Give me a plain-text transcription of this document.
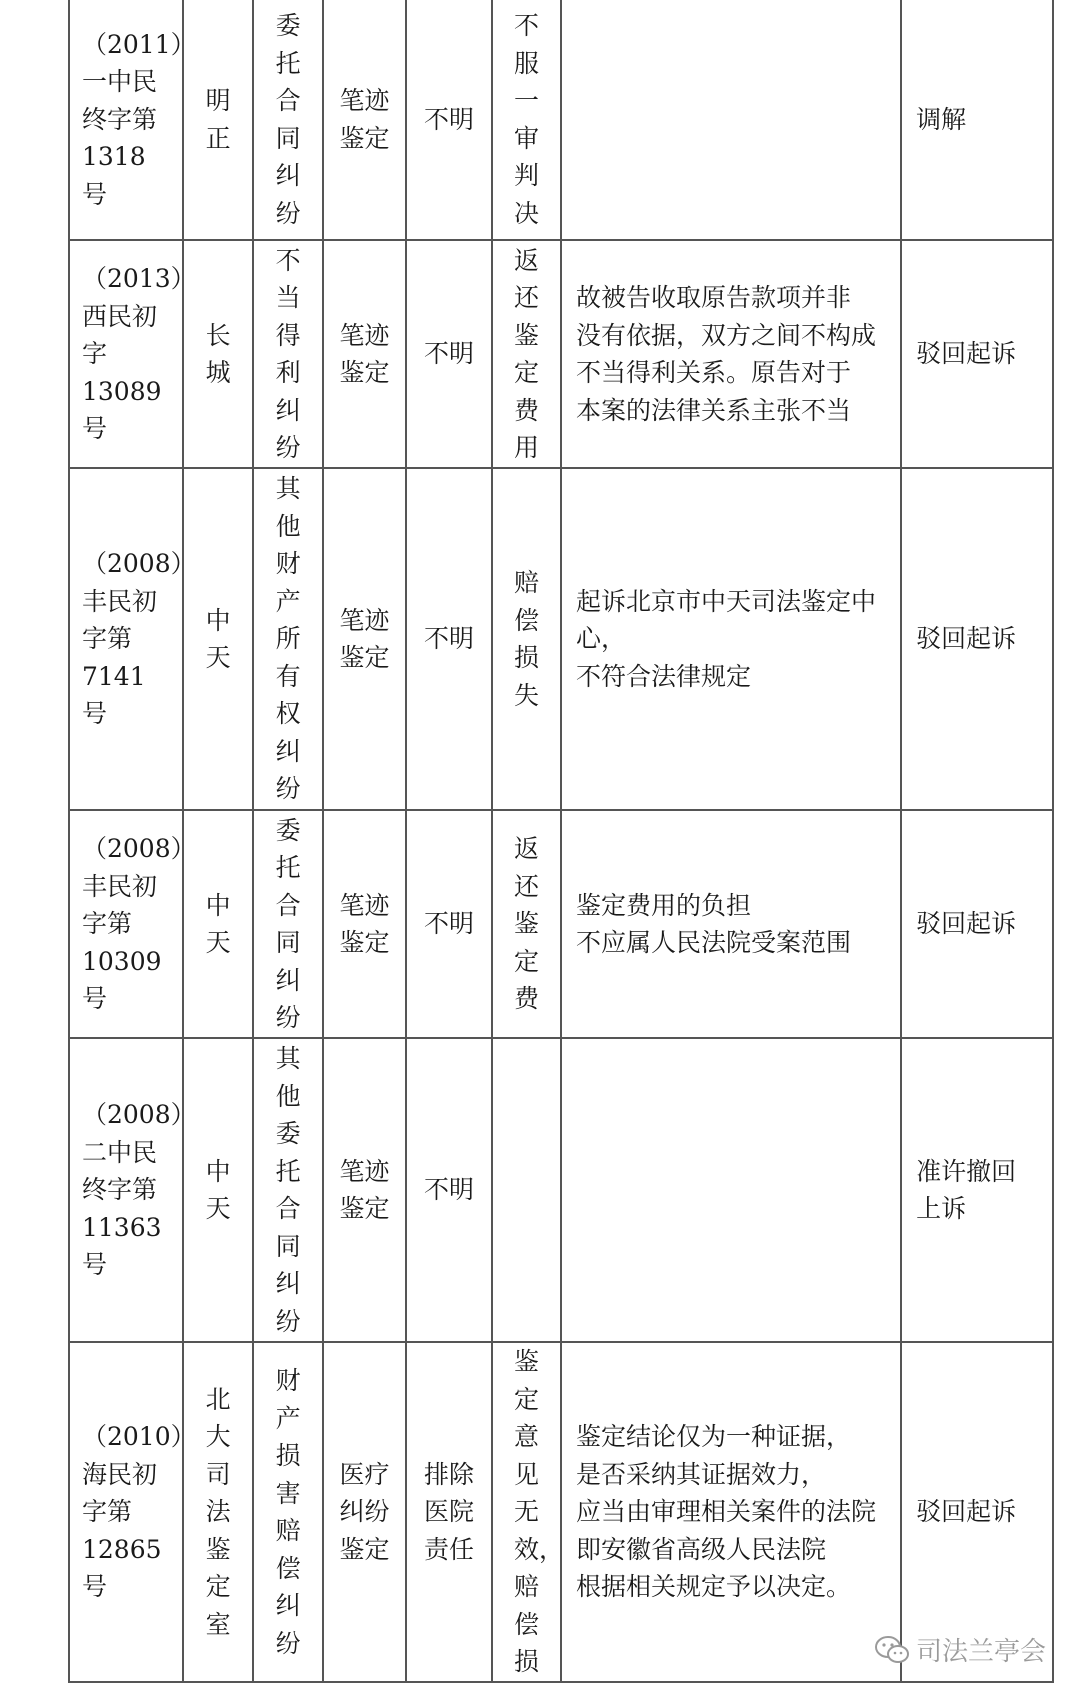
（2011）
一中民
终字第
1318 号	明正	委托合同纠纷	笔迹
鉴定	不明	不服一审判决		调解

（2013）
西民初
字 13089
号	长城	不当得利纠纷	笔迹
鉴定	不明	返还鉴定费用	故被告收取原告款项并非
没有依据，双方之间不构成
不当得利关系。原告对于
本案的法律关系主张不当	驳回起诉

（2008）
丰民初
字第
7141 号	中天	其他财产所有权纠纷	笔迹
鉴定	不明	赔偿损失	起诉北京市中天司法鉴定中
心，
不符合法律规定	驳回起诉

（2008）
丰民初
字第
10309 号	中天	委托合同纠纷	笔迹
鉴定	不明	返还鉴定费	鉴定费用的负担
不应属人民法院受案范围	驳回起诉

（2008）
二中民
终字第
11363 号	中天	其他委托合同纠纷	笔迹
鉴定	不明			准许撤回
上诉

（2010）
海民初
字第
12865 号	北大司法鉴定室	财产损害赔偿纠纷	医疗
纠纷
鉴定	排除医院责任	鉴定意见无效，赔偿损	鉴定结论仅为一种证据，
是否采纳其证据效力，
应当由审理相关案件的法院
即安徽省高级人民法院
根据相关规定予以决定。	驳回起诉
司法兰亭会
